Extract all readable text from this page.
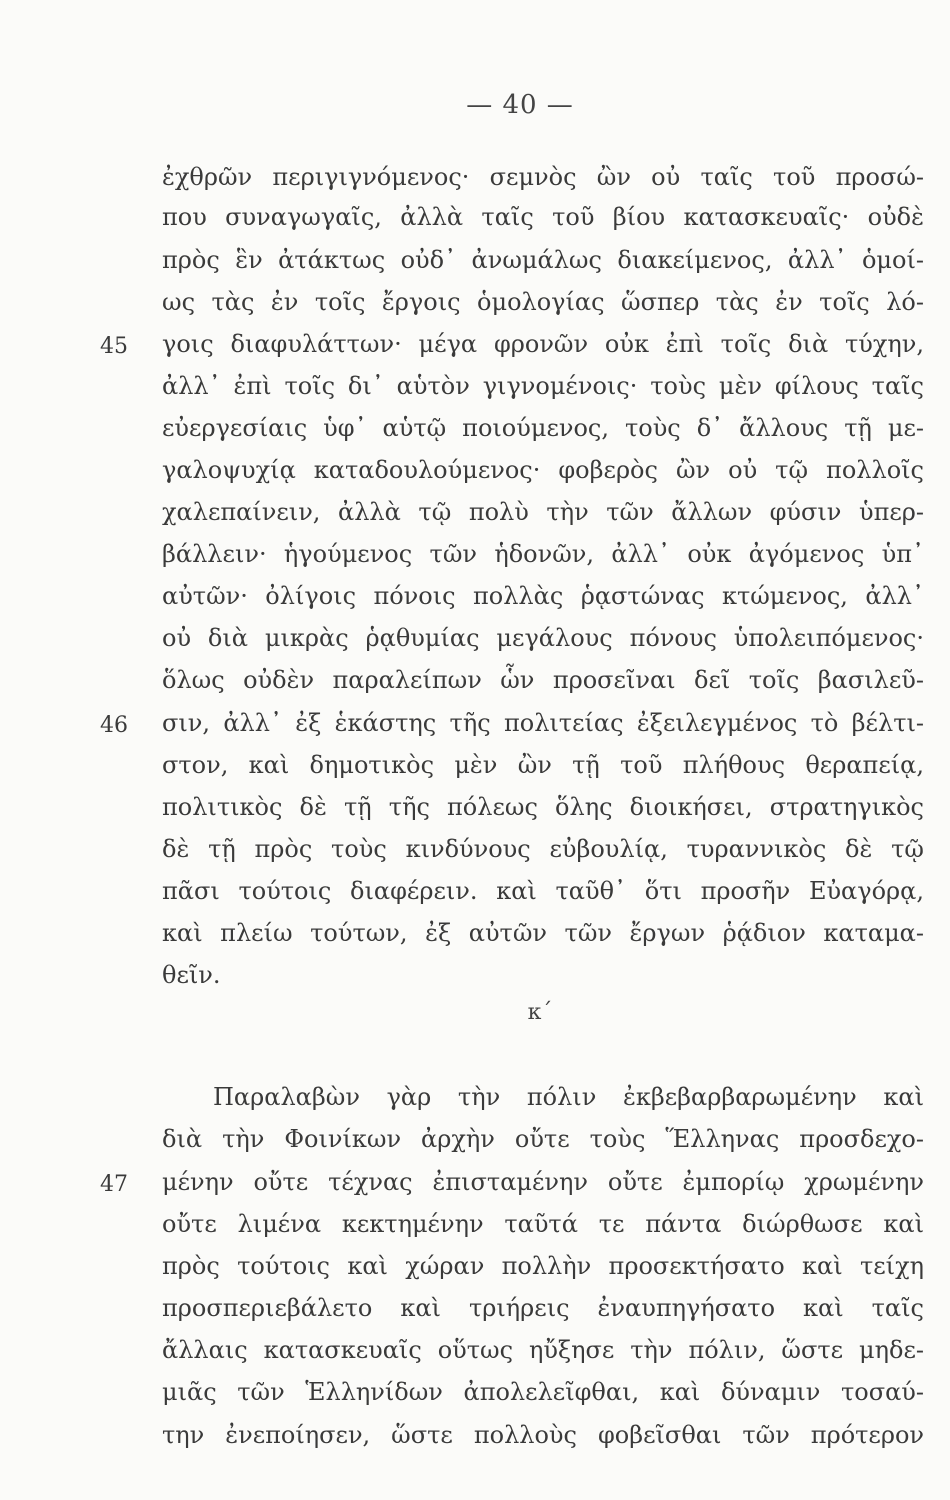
— 40 —
ἐχθρῶν περιγιγνόμενος· σεμνὸς ὢν οὐ ταῖς τοῦ προσώ-
που συναγωγαῖς, ἀλλὰ ταῖς τοῦ βίου κατασκευαῖς· οὐδὲ
πρὸς ἓν ἀτάκτως οὐδ᾽ ἀνωμάλως διακείμενος, ἀλλ᾽ ὁμοί-
ως τὰς ἐν τοῖς ἔργοις ὁμολογίας ὥσπερ τὰς ἐν τοῖς λό-
γοις διαφυλάττων· μέγα φρονῶν οὐκ ἐπὶ τοῖς διὰ τύχην,
ἀλλ᾽ ἐπὶ τοῖς δι᾽ αὑτὸν γιγνομένοις· τοὺς μὲν φίλους ταῖς
εὐεργεσίαις ὑφ᾽ αὑτῷ ποιούμενος, τοὺς δ᾽ ἄλλους τῇ με-
γαλοψυχίᾳ καταδουλούμενος· φοβερὸς ὢν οὐ τῷ πολλοῖς
χαλεπαίνειν, ἀλλὰ τῷ πολὺ τὴν τῶν ἄλλων φύσιν ὑπερ-
βάλλειν· ἡγούμενος τῶν ἡδονῶν, ἀλλ᾽ οὐκ ἀγόμενος ὑπ᾽
αὐτῶν· ὀλίγοις πόνοις πολλὰς ῥᾳστώνας κτώμενος, ἀλλ᾽
οὐ διὰ μικρὰς ῥᾳθυμίας μεγάλους πόνους ὑπολειπόμενος·
ὅλως οὐδὲν παραλείπων ὧν προσεῖναι δεῖ τοῖς βασιλεῦ-
σιν, ἀλλ᾽ ἐξ ἑκάστης τῆς πολιτείας ἐξειλεγμένος τὸ βέλτι-
στον, καὶ δημοτικὸς μὲν ὢν τῇ τοῦ πλήθους θεραπείᾳ,
πολιτικὸς δὲ τῇ τῆς πόλεως ὅλης διοικήσει, στρατηγικὸς
δὲ τῇ πρὸς τοὺς κινδύνους εὐβουλίᾳ, τυραννικὸς δὲ τῷ
πᾶσι τούτοις διαφέρειν. καὶ ταῦθ᾽ ὅτι προσῆν Εὐαγόρᾳ,
καὶ πλείω τούτων, ἐξ αὐτῶν τῶν ἔργων ῥᾴδιον καταμα-
θεῖν.
Παραλαβὼν γὰρ τὴν πόλιν ἐκβεβαρβαρωμένην καὶ
διὰ τὴν Φοινίκων ἀρχὴν οὔτε τοὺς Ἕλληνας προσδεχο-
μένην οὔτε τέχνας ἐπισταμένην οὔτε ἐμπορίῳ χρωμένην
οὔτε λιμένα κεκτημένην ταῦτά τε πάντα διώρθωσε καὶ
πρὸς τούτοις καὶ χώραν πολλὴν προσεκτήσατο καὶ τείχη
προσπεριεβάλετο καὶ τριήρεις ἐναυπηγήσατο καὶ ταῖς
ἄλλαις κατασκευαῖς οὕτως ηὔξησε τὴν πόλιν, ὥστε μηδε-
μιᾶς τῶν Ἑλληνίδων ἀπολελεῖφθαι, καὶ δύναμιν τοσαύ-
την ἐνεποίησεν, ὥστε πολλοὺς φοβεῖσθαι τῶν πρότερον
κ΄
45
46
47
